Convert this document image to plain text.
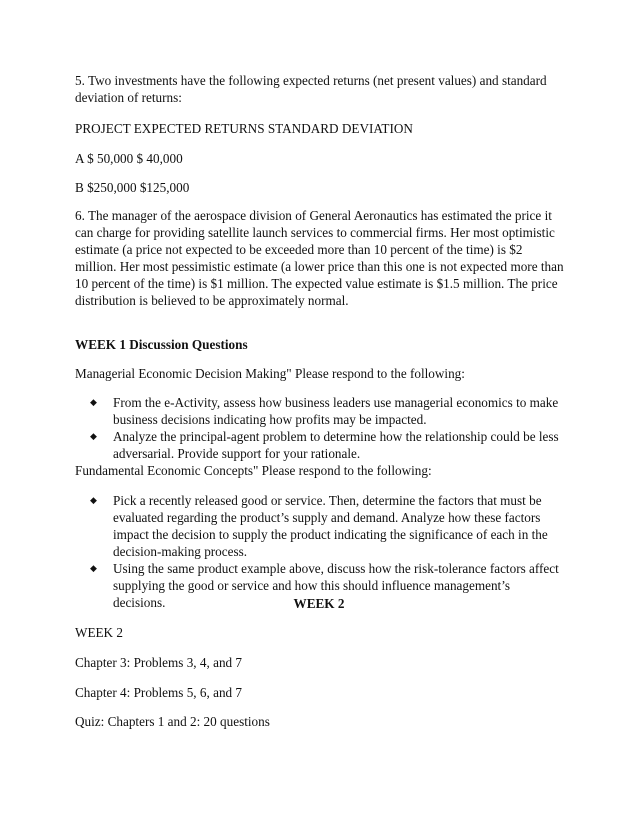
5. Two investments have the following expected returns (net present values) and standard deviation of returns:

PROJECT EXPECTED RETURNS STANDARD DEVIATION

A $ 50,000 $ 40,000

B $250,000 $125,000

6. The manager of the aerospace division of General Aeronautics has estimated the price it can charge for providing satellite launch services to commercial firms. Her most optimistic estimate (a price not expected to be exceeded more than 10 percent of the time) is $2 million. Her most pessimistic estimate (a lower price than this one is not expected more than 10 percent of the time) is $1 million. The expected value estimate is $1.5 million. The price distribution is believed to be approximately normal.

WEEK 1 Discussion Questions

Managerial Economic Decision Making" Please respond to the following:

◆ From the e-Activity, assess how business leaders use managerial economics to make business decisions indicating how profits may be impacted.
◆ Analyze the principal-agent problem to determine how the relationship could be less adversarial. Provide support for your rationale.

Fundamental Economic Concepts" Please respond to the following:

◆ Pick a recently released good or service. Then, determine the factors that must be evaluated regarding the product’s supply and demand. Analyze how these factors impact the decision to supply the product indicating the significance of each in the decision-making process.
◆ Using the same product example above, discuss how the risk-tolerance factors affect supplying the good or service and how this should influence management’s decisions.	WEEK 2

WEEK 2

Chapter 3: Problems 3, 4, and 7

Chapter 4: Problems 5, 6, and 7

Quiz: Chapters 1 and 2: 20 questions
